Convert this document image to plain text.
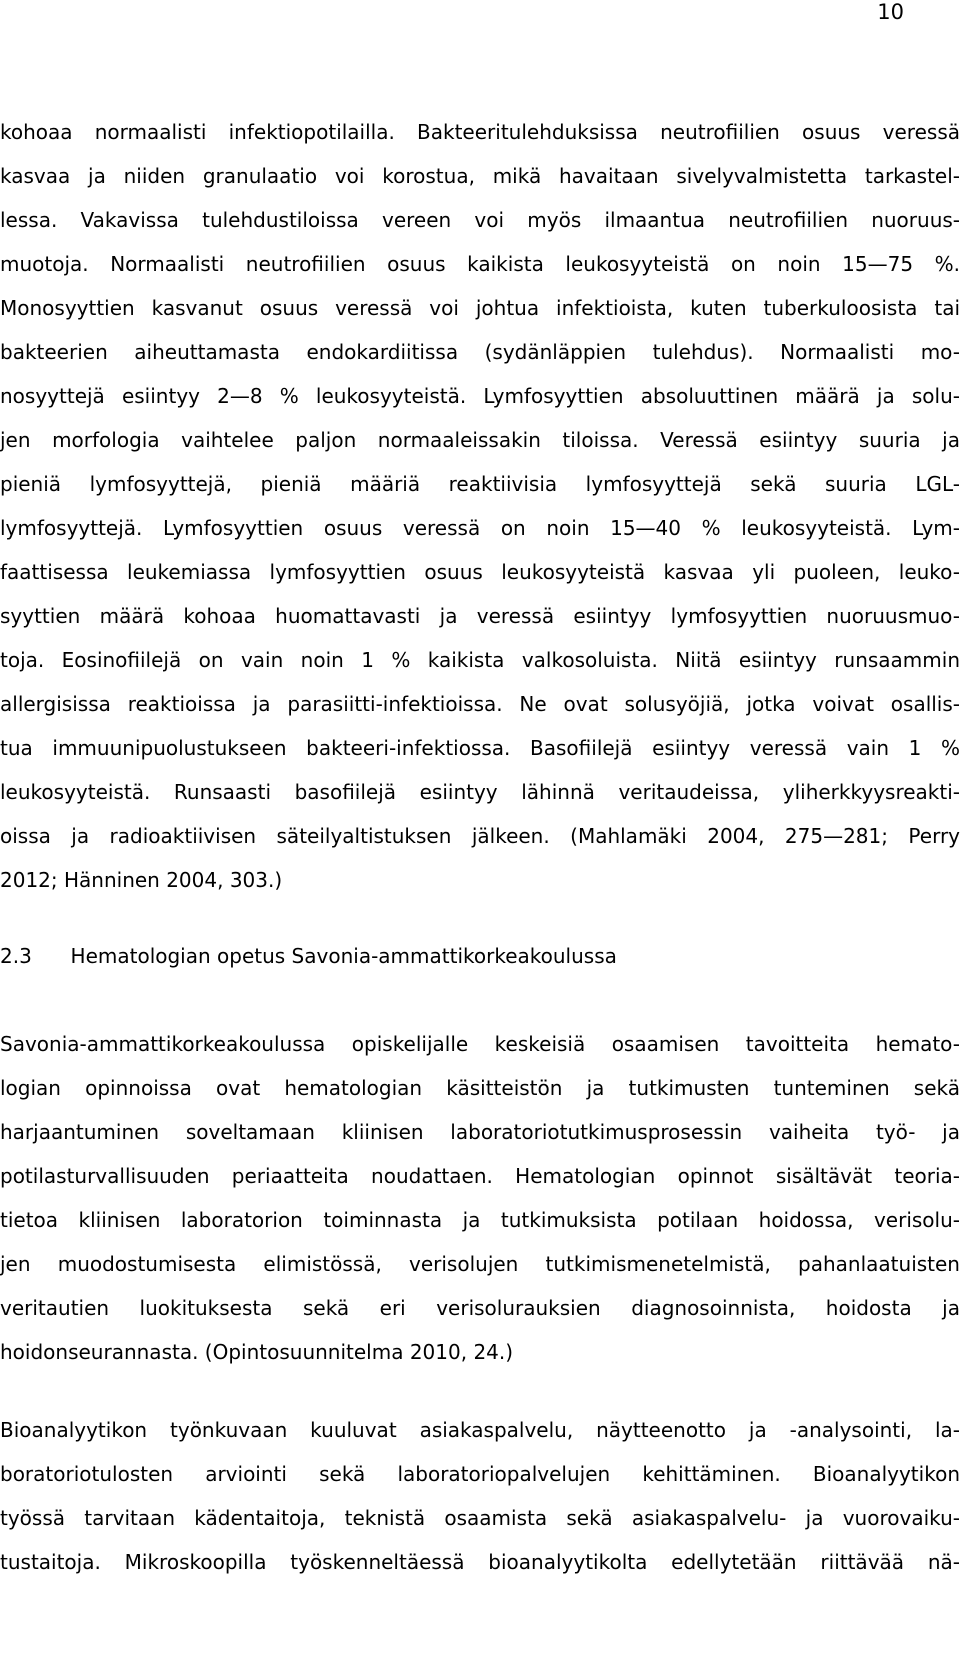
10
kohoaa normaalisti infektiopotilailla. Bakteeritulehduksissa neutrofiilien osuus veressä
kasvaa ja niiden granulaatio voi korostua, mikä havaitaan sivelyvalmistetta tarkastel-
lessa. Vakavissa tulehdustiloissa vereen voi myös ilmaantua neutrofiilien nuoruus-
muotoja. Normaalisti neutrofiilien osuus kaikista leukosyyteistä on noin 15—75 %.
Monosyyttien kasvanut osuus veressä voi johtua infektioista, kuten tuberkuloosista tai
bakteerien aiheuttamasta endokardiitissa (sydänläppien tulehdus). Normaalisti mo-
nosyyttejä esiintyy 2—8 % leukosyyteistä. Lymfosyyttien absoluuttinen määrä ja solu-
jen morfologia vaihtelee paljon normaaleissakin tiloissa. Veressä esiintyy suuria ja
pieniä lymfosyyttejä, pieniä määriä reaktiivisia lymfosyyttejä sekä suuria LGL-
lymfosyyttejä. Lymfosyyttien osuus veressä on noin 15—40 % leukosyyteistä. Lym-
faattisessa leukemiassa lymfosyyttien osuus leukosyyteistä kasvaa yli puoleen, leuko-
syyttien määrä kohoaa huomattavasti ja veressä esiintyy lymfosyyttien nuoruusmuo-
toja. Eosinofiilejä on vain noin 1 % kaikista valkosoluista. Niitä esiintyy runsaammin
allergisissa reaktioissa ja parasiitti-infektioissa. Ne ovat solusyöjiä, jotka voivat osallis-
tua immuunipuolustukseen bakteeri-infektiossa. Basofiilejä esiintyy veressä vain 1 %
leukosyyteistä. Runsaasti basofiilejä esiintyy lähinnä veritaudeissa, yliherkkyysreakti-
oissa ja radioaktiivisen säteilyaltistuksen jälkeen. (Mahlamäki 2004, 275—281; Perry
2012; Hänninen 2004, 303.)
2.3 Hematologian opetus Savonia-ammattikorkeakoulussa
Savonia-ammattikorkeakoulussa opiskelijalle keskeisiä osaamisen tavoitteita hemato-
logian opinnoissa ovat hematologian käsitteistön ja tutkimusten tunteminen sekä
harjaantuminen soveltamaan kliinisen laboratoriotutkimusprosessin vaiheita työ- ja
potilasturvallisuuden periaatteita noudattaen. Hematologian opinnot sisältävät teoria-
tietoa kliinisen laboratorion toiminnasta ja tutkimuksista potilaan hoidossa, verisolu-
jen muodostumisesta elimistössä, verisolujen tutkimismenetelmistä, pahanlaatuisten
veritautien luokituksesta sekä eri verisolurauksien diagnosoinnista, hoidosta ja
hoidonseurannasta. (Opintosuunnitelma 2010, 24.)
Bioanalyytikon työnkuvaan kuuluvat asiakaspalvelu, näytteenotto ja -analysointi, la-
boratoriotulosten arviointi sekä laboratoriopalvelujen kehittäminen. Bioanalyytikon
työssä tarvitaan kädentaitoja, teknistä osaamista sekä asiakaspalvelu- ja vuorovaiku-
tustaitoja. Mikroskoopilla työskenneltäessä bioanalyytikolta edellytetään riittävää nä-
